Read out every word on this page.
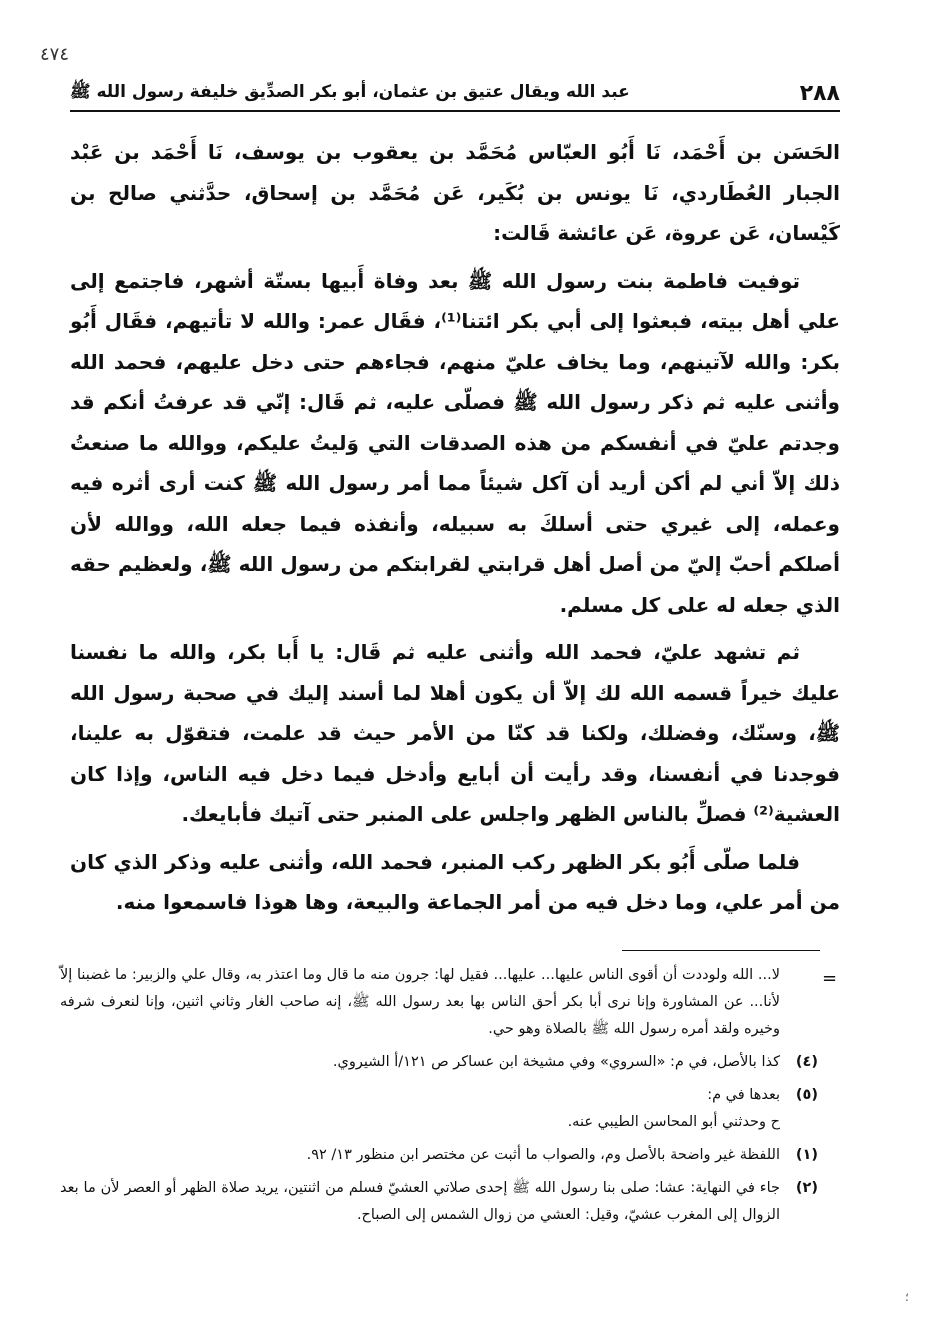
٤٧٤
٢٨٨
عبد الله ويقال عتيق بن عثمان، أبو بكر الصدِّيق خليفة رسول الله ﷺ

الحَسَن بن أَحْمَد، نَا أَبُو العبّاس مُحَمَّد بن يعقوب بن يوسف، نَا أَحْمَد بن عَبْد الجبار العُطَاردي، نَا يونس بن بُكَير، عَن مُحَمَّد بن إسحاق، حدَّثني صالح بن كَيْسان، عَن عروة، عَن عائشة قَالت:

توفيت فاطمة بنت رسول الله ﷺ بعد وفاة أَبيها بستّة أشهر، فاجتمع إلى علي أهل بيته، فبعثوا إلى أبي بكر ائتنا⁽¹⁾، فقَال عمر: والله لا تأتيهم، فقَال أَبُو بكر: والله لآتينهم، وما يخاف عليّ منهم، فجاءهم حتى دخل عليهم، فحمد الله وأثنى عليه ثم ذكر رسول الله ﷺ فصلّى عليه، ثم قَال: إنّي قد عرفتُ أنكم قد وجدتم عليّ في أنفسكم من هذه الصدقات التي وَليتُ عليكم، ووالله ما صنعتُ ذلك إلاّ أني لم أكن أريد أن آكل شيئاً مما أمر رسول الله ﷺ كنت أرى أثره فيه وعمله، إلى غيري حتى أسلكَ به سبيله، وأنفذه فيما جعله الله، ووالله لأن أصلكم أحبّ إليّ من أصل أهل قرابتي لقرابتكم من رسول الله ﷺ، ولعظيم حقه الذي جعله له على كل مسلم.

ثم تشهد عليّ، فحمد الله وأثنى عليه ثم قَال: يا أَبا بكر، والله ما نفسنا عليك خيراً قسمه الله لك إلاّ أن يكون أهلا لما أسند إليك في صحبة رسول الله ﷺ، وسنّك، وفضلك، ولكنا قد كنّا من الأمر حيث قد علمت، فتقوّل به علينا، فوجدنا في أنفسنا، وقد رأيت أن أبايع وأدخل فيما دخل فيه الناس، وإذا كان العشية⁽²⁾ فصلِّ بالناس الظهر واجلس على المنبر حتى آتيك فأبايعك.

فلما صلّى أَبُو بكر الظهر ركب المنبر، فحمد الله، وأثنى عليه وذكر الذي كان من أمر علي، وما دخل فيه من أمر الجماعة والبيعة، وها هوذا فاسمعوا منه.

=
لا... الله ولوددت أن أقوى الناس عليها... عليها... فقيل لها: جرون منه ما قال وما اعتذر به، وقال علي والزبير: ما غضبنا إلاّ لأنا... عن المشاورة وإنا نرى أبا بكر أحق الناس بها بعد رسول الله ﷺ، إنه صاحب الغار وثاني اثنين، وإنا لنعرف شرفه وخيره ولقد أمره رسول الله ﷺ بالصلاة وهو حي.
(٤)
كذا بالأصل، في م: «السروي» وفي مشيخة ابن عساكر ص ١٢١/أ الشيروي.
(٥)
بعدها في م:
ح وحدثني أبو المحاسن الطيبي عنه.
(١)
اللفظة غير واضحة بالأصل وم، والصواب ما أثبت عن مختصر ابن منظور ١٣/ ٩٢.
(٢)
جاء في النهاية: عشا: صلى بنا رسول الله ﷺ إحدى صلاتي العشيّ فسلم من اثنتين، يريد صلاة الظهر أو العصر لأن ما بعد الزوال إلى المغرب عشيّ، وقيل: العشي من زوال الشمس إلى الصباح.
؛
